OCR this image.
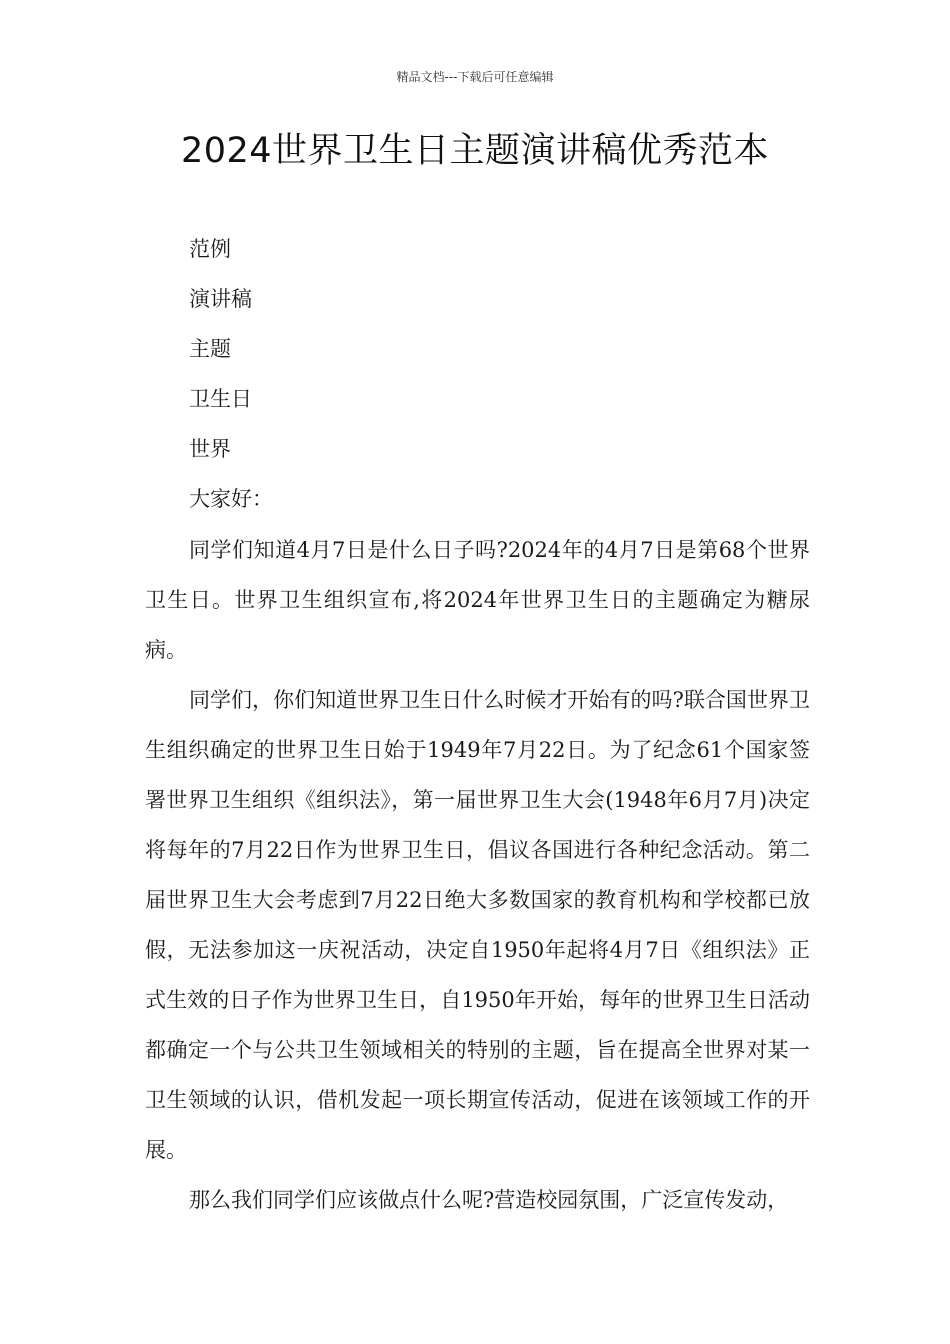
精品文档---下载后可任意编辑
2024世界卫生日主题演讲稿优秀范本
范例
演讲稿
主题
卫生日
世界
大家好：

同学们知道4月7日是什么日子吗?2024年的4月7日是第68个世界卫生日。世界卫生组织宣布,将2024年世界卫生日的主题确定为糖尿病。

同学们，你们知道世界卫生日什么时候才开始有的吗?联合国世界卫生组织确定的世界卫生日始于1949年7月22日。为了纪念61个国家签署世界卫生组织《组织法》，第一届世界卫生大会(1948年6月7月)决定将每年的7月22日作为世界卫生日，倡议各国进行各种纪念活动。第二届世界卫生大会考虑到7月22日绝大多数国家的教育机构和学校都已放假，无法参加这一庆祝活动，决定自1950年起将4月7日《组织法》正式生效的日子作为世界卫生日，自1950年开始，每年的世界卫生日活动都确定一个与公共卫生领域相关的特别的主题，旨在提高全世界对某一卫生领域的认识，借机发起一项长期宣传活动，促进在该领域工作的开展。

那么我们同学们应该做点什么呢?营造校园氛围，广泛宣传发动，
